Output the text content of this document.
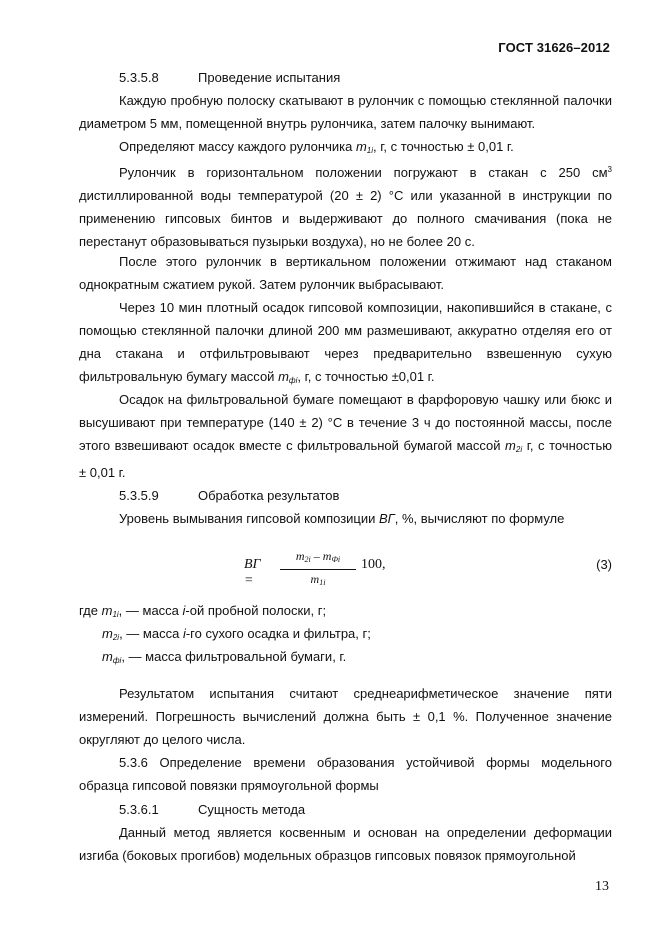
ГОСТ 31626–2012
5.3.5.8	Проведение испытания

Каждую пробную полоску скатывают в рулончик с помощью стеклянной палочки диаметром 5 мм, помещенной внутрь рулончика, затем палочку вынимают.

Определяют массу каждого рулончика $m_{1i}$, г, с точностью ± 0,01 г.

Рулончик в горизонтальном положении погружают в стакан с 250 $см^3$ дистиллированной воды температурой (20 ± 2) °С или указанной в инструкции по применению гипсовых бинтов и выдерживают до полного смачивания (пока не перестанут образовываться пузырьки воздуха), но не более 20 с.

После этого рулончик в вертикальном положении отжимают над стаканом однократным сжатием рукой. Затем рулончик выбрасывают.

Через 10 мин плотный осадок гипсовой композиции, накопившийся в стакане, с помощью стеклянной палочки длиной 200 мм размешивают, аккуратно отделяя его от дна стакана и отфильтровывают через предварительно взвешенную сухую фильтровальную бумагу массой $m_{фi}$, г, с точностью ±0,01 г.

Осадок на фильтровальной бумаге помещают в фарфоровую чашку или бюкс и высушивают при температуре (140 ± 2) °С в течение 3 ч до постоянной массы, после этого взвешивают осадок вместе с фильтровальной бумагой массой $m_{2i}$ г, с точностью ± 0,01 г.

5.3.5.9	Обработка результатов
Уровень вымывания гипсовой композиции ВГ, %, вычисляют по формуле
ВГ =
$m_{2i} - m_{Фi}$
$m_{1i}$
100,	(3)
где $m_{1i}$, — масса i-ой пробной полоски, г;
$m_{2i}$, — масса i-го сухого осадка и фильтра, г;
$m_{фi}$, — масса фильтровальной бумаги, г.

Результатом испытания считают среднеарифметическое значение пяти измерений. Погрешность вычислений должна быть ± 0,1 %. Полученное значение округляют до целого числа.

5.3.6 Определение времени образования устойчивой формы модельного образца гипсовой повязки прямоугольной формы

5.3.6.1	Сущность метода

Данный метод является косвенным и основан на определении деформации изгиба (боковых прогибов) модельных образцов гипсовых повязок прямоугольной

13
